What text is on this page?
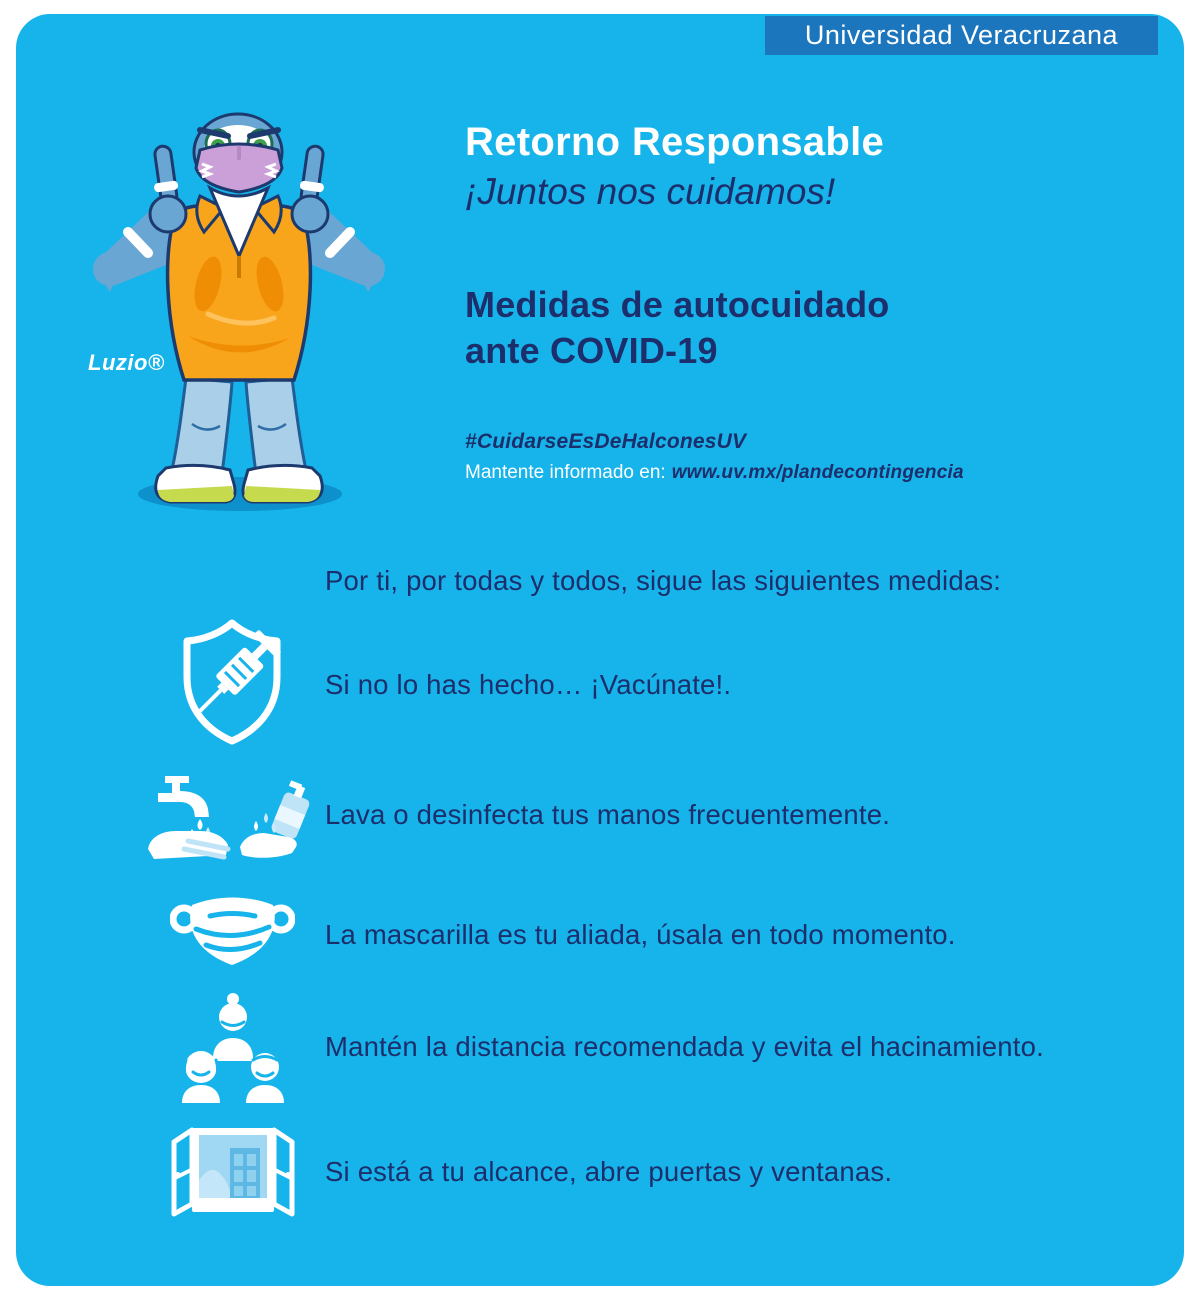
Universidad Veracruzana
Luzio®
Retorno Responsable
¡Juntos nos cuidamos!
Medidas de autocuidado
ante COVID-19
#CuidarseEsDeHalconesUV
Mantente informado en: www.uv.mx/plandecontingencia
Por ti, por todas y todos, sigue las siguientes medidas:
Si no lo has hecho… ¡Vacúnate!.
Lava o desinfecta tus manos frecuentemente.
La mascarilla es tu aliada, úsala en todo momento.
Mantén la distancia recomendada y evita el hacinamiento.
Si está a tu alcance, abre puertas y ventanas.
